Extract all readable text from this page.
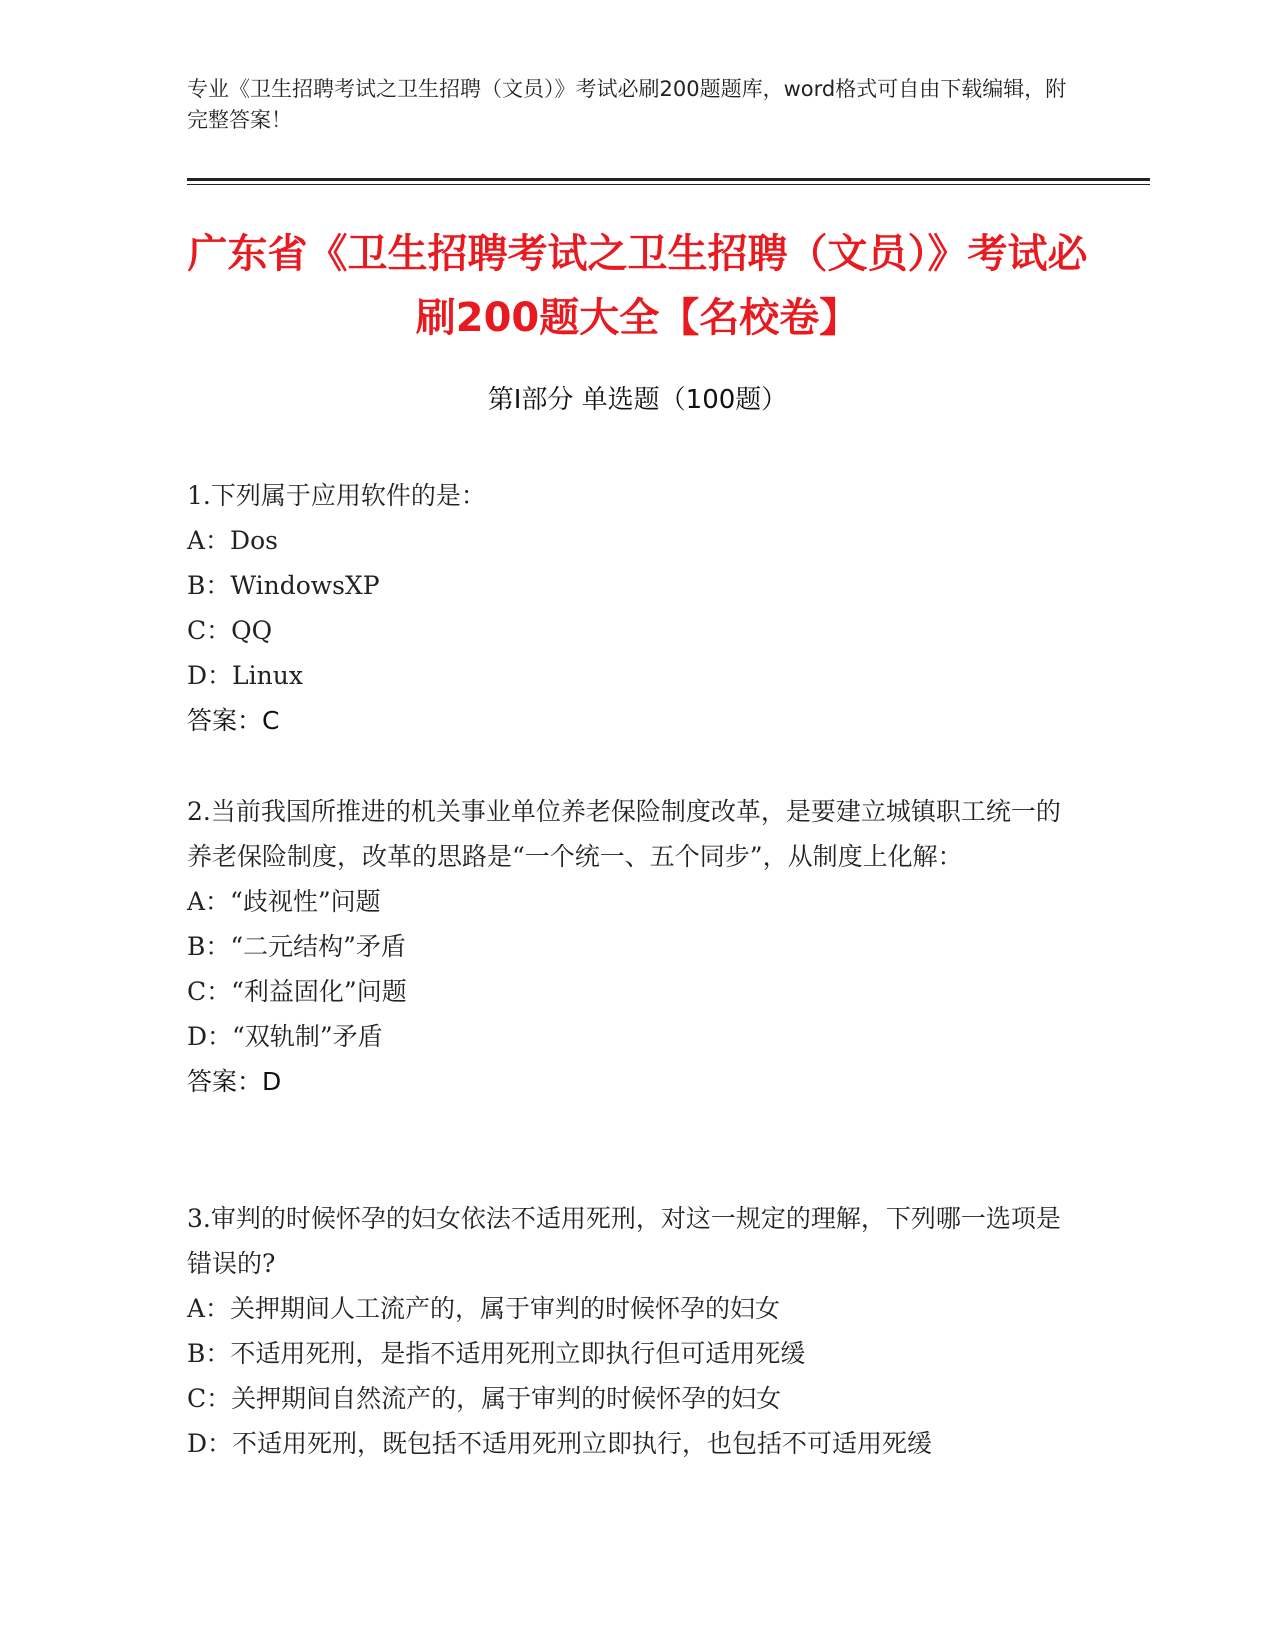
专业《卫生招聘考试之卫生招聘（文员）》考试必刷200题题库，word格式可自由下载编辑，附完整答案！
广东省《卫生招聘考试之卫生招聘（文员）》考试必刷200题大全【名校卷】
第I部分 单选题（100题）

1.下列属于应用软件的是：

A：Dos

B：WindowsXP

C：QQ

D：Linux

答案：C

2.当前我国所推进的机关事业单位养老保险制度改革，是要建立城镇职工统一的养老保险制度，改革的思路是“一个统一、五个同步”，从制度上化解：

A：“歧视性”问题

B：“二元结构”矛盾

C：“利益固化”问题

D：“双轨制”矛盾

答案：D

3.审判的时候怀孕的妇女依法不适用死刑，对这一规定的理解，下列哪一选项是错误的?

A：关押期间人工流产的，属于审判的时候怀孕的妇女

B：不适用死刑，是指不适用死刑立即执行但可适用死缓

C：关押期间自然流产的，属于审判的时候怀孕的妇女

D：不适用死刑，既包括不适用死刑立即执行，也包括不可适用死缓
